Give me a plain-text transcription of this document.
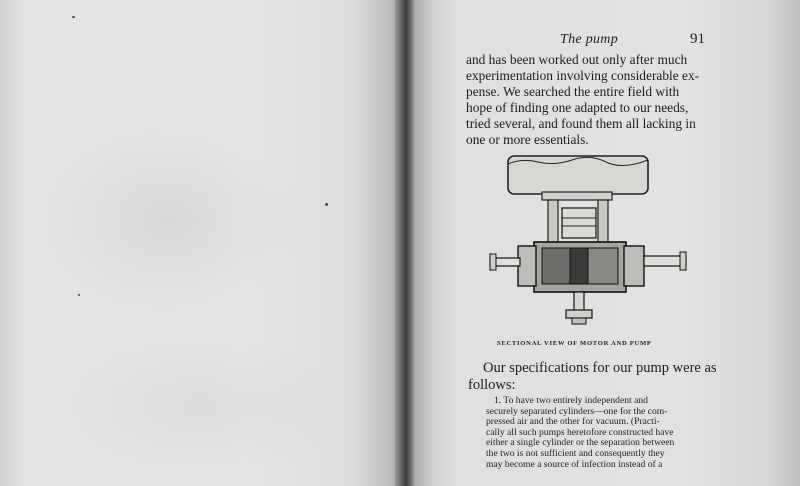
The pump	91
and has been worked out only after much
experimentation involving considerable ex-
pense. We searched the entire field with
hope of finding one adapted to our needs,
tried several, and found them all lacking in
one or more essentials.
SECTIONAL VIEW OF MOTOR AND PUMP
Our specifications for our pump were as
follows:
1. To have two entirely independent and
securely separated cylinders—one for the com-
pressed air and the other for vacuum. (Practi-
cally all such pumps heretofore constructed have
either a single cylinder or the separation between
the two is not sufficient and consequently they
may become a source of infection instead of a
